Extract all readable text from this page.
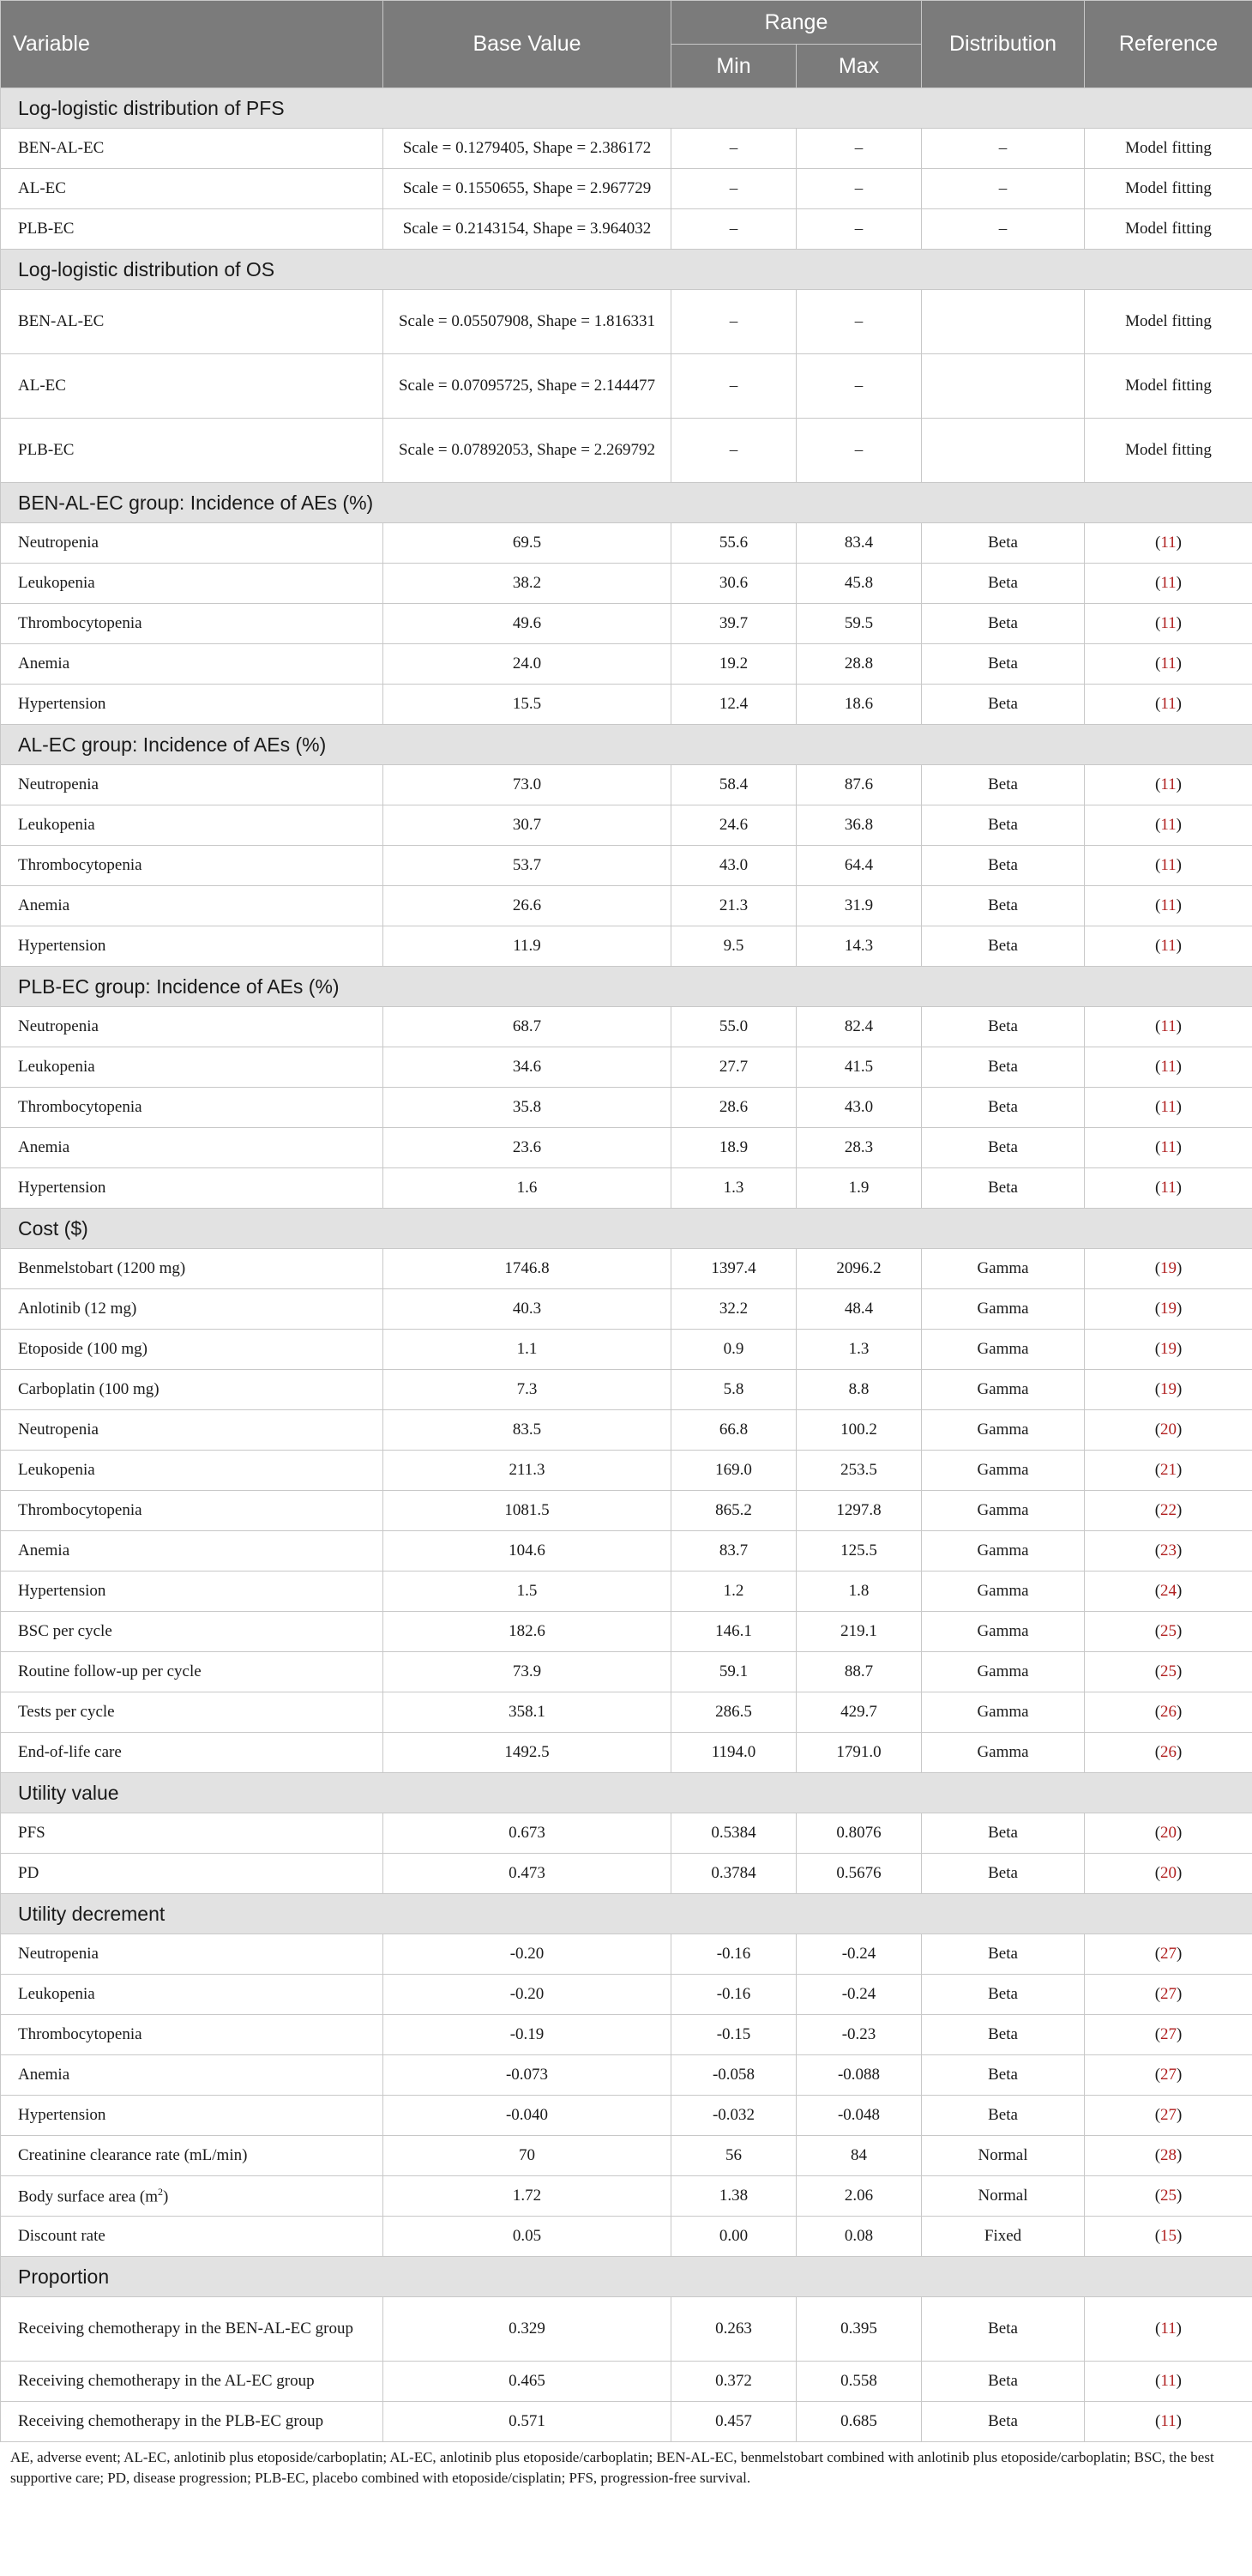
Variable	Base Value	Range		Distribution	Reference
		Min	Max		
Log-logistic distribution of PFS					
BEN-AL-EC	Scale = 0.1279405, Shape = 2.386172	–	–	–	Model fitting
AL-EC	Scale = 0.1550655, Shape = 2.967729	–	–	–	Model fitting
PLB-EC	Scale = 0.2143154, Shape = 3.964032	–	–	–	Model fitting
Log-logistic distribution of OS					
BEN-AL-EC	Scale = 0.05507908, Shape = 1.816331	–	–		Model fitting
AL-EC	Scale = 0.07095725, Shape = 2.144477	–	–		Model fitting
PLB-EC	Scale = 0.07892053, Shape = 2.269792	–	–		Model fitting
BEN-AL-EC group: Incidence of AEs (%)					
Neutropenia	69.5	55.6	83.4	Beta	(11)
Leukopenia	38.2	30.6	45.8	Beta	(11)
Thrombocytopenia	49.6	39.7	59.5	Beta	(11)
Anemia	24.0	19.2	28.8	Beta	(11)
Hypertension	15.5	12.4	18.6	Beta	(11)
AL-EC group: Incidence of AEs (%)					
Neutropenia	73.0	58.4	87.6	Beta	(11)
Leukopenia	30.7	24.6	36.8	Beta	(11)
Thrombocytopenia	53.7	43.0	64.4	Beta	(11)
Anemia	26.6	21.3	31.9	Beta	(11)
Hypertension	11.9	9.5	14.3	Beta	(11)
PLB-EC group: Incidence of AEs (%)					
Neutropenia	68.7	55.0	82.4	Beta	(11)
Leukopenia	34.6	27.7	41.5	Beta	(11)
Thrombocytopenia	35.8	28.6	43.0	Beta	(11)
Anemia	23.6	18.9	28.3	Beta	(11)
Hypertension	1.6	1.3	1.9	Beta	(11)
Cost ($)					
Benmelstobart (1200 mg)	1746.8	1397.4	2096.2	Gamma	(19)
Anlotinib (12 mg)	40.3	32.2	48.4	Gamma	(19)
Etoposide (100 mg)	1.1	0.9	1.3	Gamma	(19)
Carboplatin (100 mg)	7.3	5.8	8.8	Gamma	(19)
Neutropenia	83.5	66.8	100.2	Gamma	(20)
Leukopenia	211.3	169.0	253.5	Gamma	(21)
Thrombocytopenia	1081.5	865.2	1297.8	Gamma	(22)
Anemia	104.6	83.7	125.5	Gamma	(23)
Hypertension	1.5	1.2	1.8	Gamma	(24)
BSC per cycle	182.6	146.1	219.1	Gamma	(25)
Routine follow-up per cycle	73.9	59.1	88.7	Gamma	(25)
Tests per cycle	358.1	286.5	429.7	Gamma	(26)
End-of-life care	1492.5	1194.0	1791.0	Gamma	(26)
Utility value					
PFS	0.673	0.5384	0.8076	Beta	(20)
PD	0.473	0.3784	0.5676	Beta	(20)
Utility decrement					
Neutropenia	-0.20	-0.16	-0.24	Beta	(27)
Leukopenia	-0.20	-0.16	-0.24	Beta	(27)
Thrombocytopenia	-0.19	-0.15	-0.23	Beta	(27)
Anemia	-0.073	-0.058	-0.088	Beta	(27)
Hypertension	-0.040	-0.032	-0.048	Beta	(27)
Creatinine clearance rate (mL/min)	70	56	84	Normal	(28)
Body surface area $(m^2)$	1.72	1.38	2.06	Normal	(25)
Discount rate	0.05	0.00	0.08	Fixed	(15)
Proportion					
Receiving chemotherapy in the BEN-AL-EC group	0.329	0.263	0.395	Beta	(11)
Receiving chemotherapy in the AL-EC group	0.465	0.372	0.558	Beta	(11)
Receiving chemotherapy in the PLB-EC group	0.571	0.457	0.685	Beta	(11)
AE, adverse event; AL-EC, anlotinib plus etoposide/carboplatin; AL-EC, anlotinib plus etoposide/carboplatin; BEN-AL-EC, benmelstobart combined with anlotinib plus etoposide/carboplatin; BSC, the best supportive care; PD, disease progression; PLB-EC, placebo combined with etoposide/cisplatin; PFS, progression-free survival.
